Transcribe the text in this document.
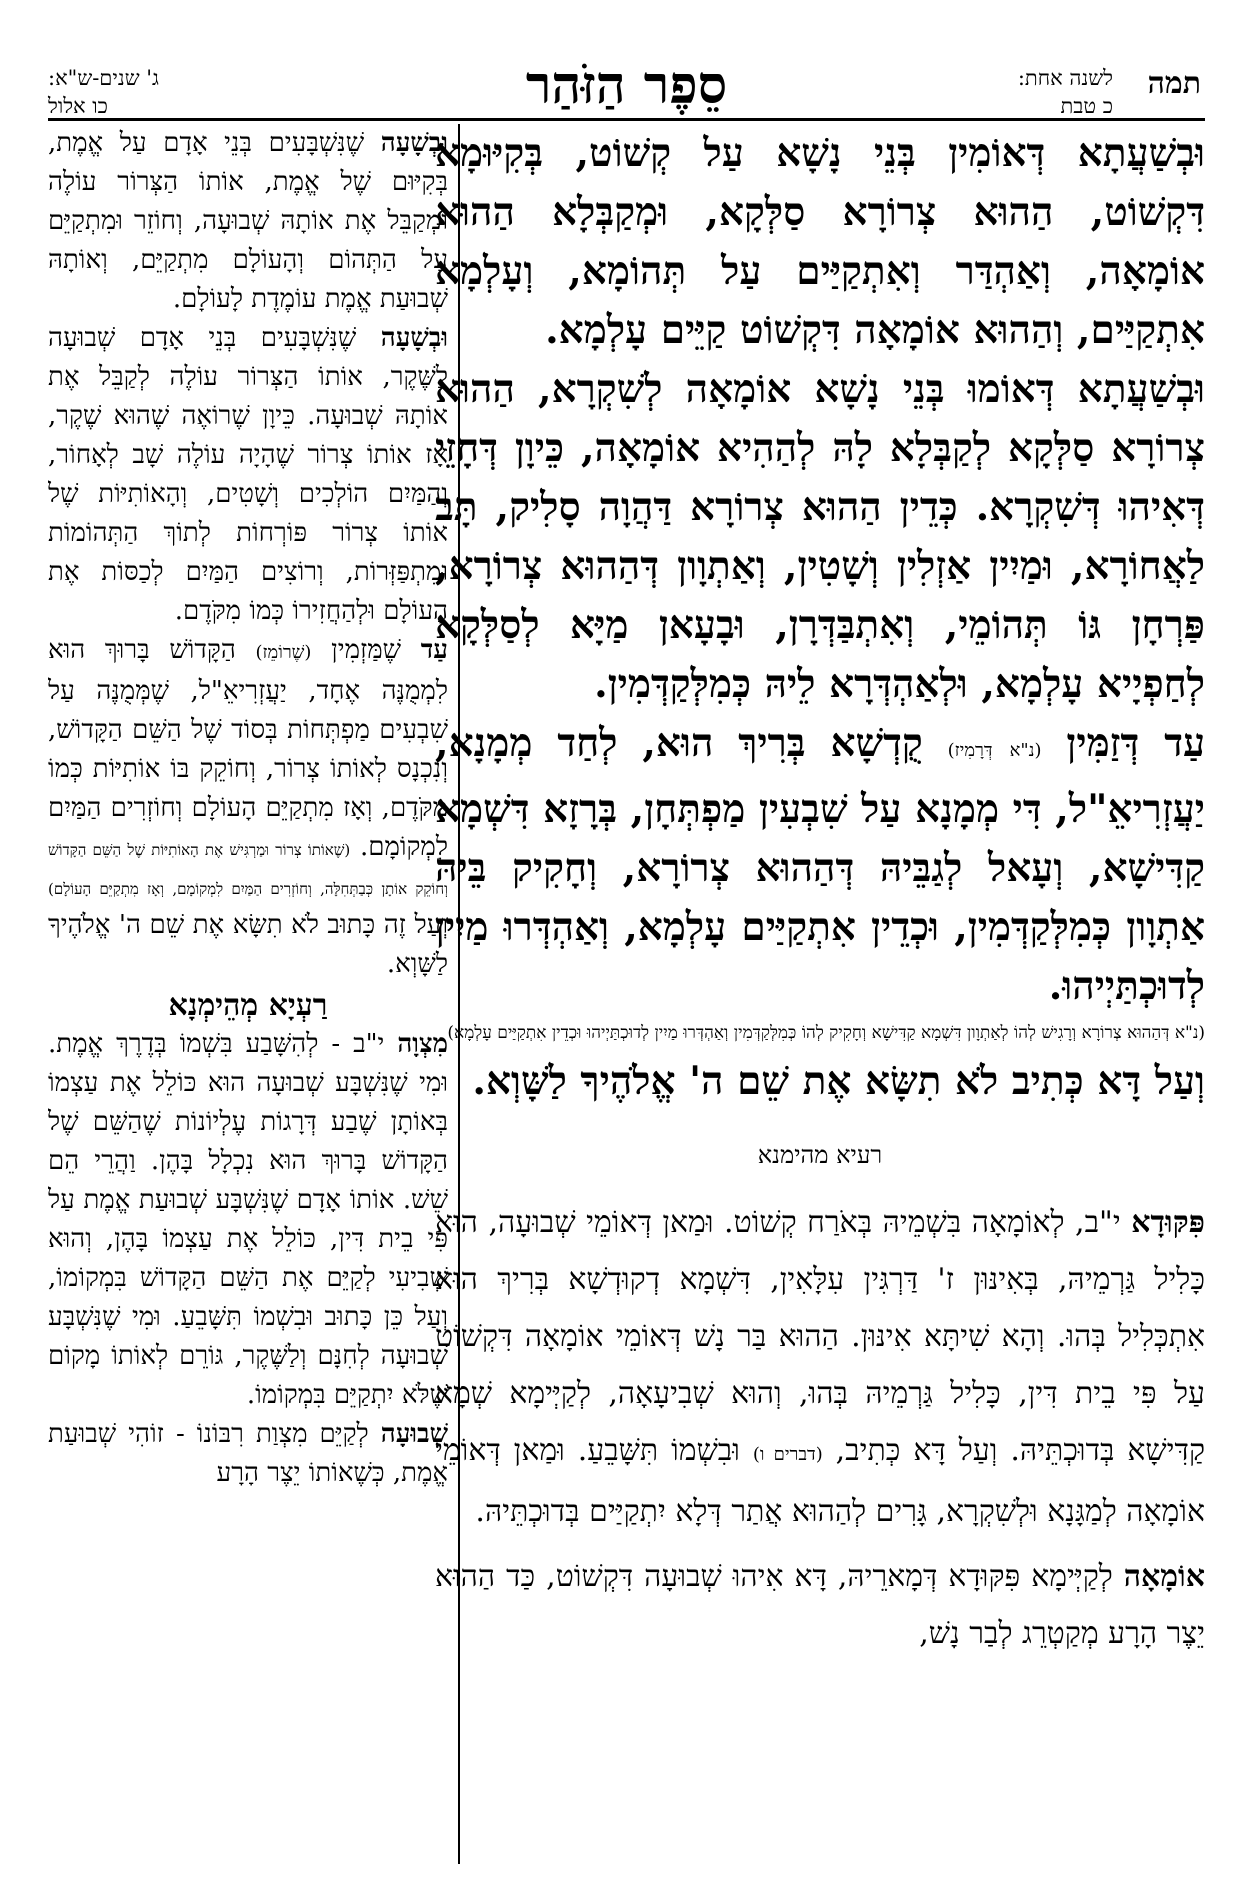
תמה
לשנה אחת:
כ טבת
סֵפֶר הַזֹּהַר
ג' שנים-ש"א:
כו אלול

וּבְשַׁעֲתָא דְּאוֹמִין בְּנֵי נָשָׁא עַל קְשׁוֹט, בְּקִיּוּמָא דִּקְשׁוֹט, הַהוּא צְרוֹרָא סַלְּקָא, וּמְקַבְּלָא הַהוּא אוֹמָאָה, וְאַהְדַּר וְאִתְקַיַּים עַל תְּהוֹמָא, וְעָלְמָא אִתְקַיַּים, וְהַהוּא אוֹמָאָה דִּקְשׁוֹט קַיֵּים עָלְמָא.

וּבְשַׁעֲתָא דְּאוֹמוּ בְּנֵי נָשָׁא אוֹמָאָה לְשִׁקְרָא, הַהוּא צְרוֹרָא סַלְּקָא לְקַבְּלָא לָהּ לְהַהִיא אוֹמָאָה, כֵּיוָן דְּחָזֵי דְּאִיהוּ דְּשִׁקְרָא. כְּדֵין הַהוּא צְרוֹרָא דַּהֲוָה סָלִיק, תָּב לַאֲחוֹרָא, וּמַיִין אַזְלִין וְשָׁטִין, וְאַתְוָון דְּהַהוּא צְרוֹרָא, פַּרְחָן גּוֹ תְּהוֹמֵי, וְאִתְבַּדְּרָן, וּבָעָאן מַיָּא לְסַלְּקָא לְחַפְיָיא עָלְמָא, וּלְאַהְדְּרָא לֵיהּ כְּמִלְּקַדְּמִין.

עַד דְּזַמִּין (נ"א דְּרָמִיז) קֻדְשָׁא בְּרִיךְ הוּא, לְחַד מְמָנָא, יַעֲזְרִיאֵ"ל, דִּי מְמָנָא עַל שִׁבְעִין מַפְתְּחָן, בְּרָזָא דִּשְׁמָא קַדִּישָׁא, וְעָאל לְגַבֵּיהּ דְּהַהוּא צְרוֹרָא, וְחָקִיק בֵּיהּ אַתְוָון כְּמִלְּקַדְּמִין, וּכְדֵין אִתְקַיַּים עָלְמָא, וְאַהְדְּרוּ מַיִין לְדוּכְתַּיְיהוּ.

(נ"א דְּהַהוּא צְרוֹרָא וְרָגִישׁ לְהוֹ לְאַתְוָון דִּשְׁמָא קַדִּישָׁא וְחָקִיק לְהוֹ כְּמִלְּקַדְּמִין וְאַהְדְּרוּ מַיִין לְדוּכְתַּיְיהוּ וּכְדֵין אִתְקַיַּים עָלְמָא)

וְעַל דָּא כְּתִיב לֹא תִשָּׂא אֶת שֵׁם ה' אֱלֹהֶיךָ לַשָּׁוְא.

רעיא מהימנא

פִּקּוּדָא י"ב, לְאוֹמָאָה בִּשְׁמֵיהּ בְּאֹרַח קְשׁוֹט. וּמַאן דְּאוֹמֵי שְׁבוּעָה, הוּא כָּלִיל גַּרְמֵיהּ, בְּאִינּוּן ז' דַּרְגִּין עִלָּאִין, דִּשְׁמָא דְקוּדְשָׁא בְּרִיךְ הוּא אִתְכְּלִיל בְּהוּ. וְהָא שִׁיתָּא אִינּוּן. הַהוּא בַּר נָשׁ דְּאוֹמֵי אוֹמָאָה דִּקְשׁוֹט עַל פִּי בֵית דִּין, כָּלִיל גַּרְמֵיהּ בְּהוּ, וְהוּא שְׁבִיעָאָה, לְקַיְּימָא שְׁמָא קַדִּישָׁא בְּדוּכְתֵּיהּ. וְעַל דָּא כְּתִיב, (דברים ו) וּבִשְׁמוֹ תִּשָּׁבֵעַ. וּמַאן דְּאוֹמֵי אוֹמָאָה לְמַגָּנָא וּלְשִׁקְרָא, גָּרִים לְהַהוּא אֲתַר דְּלָא יִתְקַיַּים בְּדוּכְתֵּיהּ.

אוֹמָאָה לְקַיְּימָא פִּקּוּדָא דְּמָארֵיהּ, דָּא אִיהוּ שְׁבוּעָה דִּקְשׁוֹט, כַּד הַהוּא יֵצֶר הָרָע מְקַטְרֵג לְבַר נָשׁ,

וּבְשָׁעָה שֶׁנִּשְׁבָּעִים בְּנֵי אָדָם עַל אֱמֶת, בְּקִיּוּם שֶׁל אֱמֶת, אוֹתוֹ הַצְּרוֹר עוֹלֶה וּמְקַבֵּל אֶת אוֹתָהּ שְׁבוּעָה, וְחוֹזֵר וּמִתְקַיֵּם עַל הַתְּהוֹם וְהָעוֹלָם מִתְקַיֵּם, וְאוֹתָהּ שְׁבוּעַת אֱמֶת עוֹמֶדֶת לָעוֹלָם.

וּבְשָׁעָה שֶׁנִּשְׁבָּעִים בְּנֵי אָדָם שְׁבוּעָה לַשֶּׁקֶר, אוֹתוֹ הַצְּרוֹר עוֹלֶה לְקַבֵּל אֶת אוֹתָהּ שְׁבוּעָה. כֵּיוָן שֶׁרוֹאֶה שֶׁהוּא שֶׁקֶר, אָז אוֹתוֹ צְרוֹר שֶׁהָיָה עוֹלֶה שָׁב לְאָחוֹר, וְהַמַּיִם הוֹלְכִים וְשָׁטִים, וְהָאוֹתִיּוֹת שֶׁל אוֹתוֹ צְרוֹר פּוֹרְחוֹת לְתוֹךְ הַתְּהוֹמוֹת וּמִתְפַּזְּרוֹת, וְרוֹצִים הַמַּיִם לְכַסּוֹת אֶת הָעוֹלָם וּלְהַחֲזִירוֹ כְּמוֹ מִקֹּדֶם.

עַד שֶׁמַּזְמִין (שֶׁרוֹמֵז) הַקָּדוֹשׁ בָּרוּךְ הוּא לִמְמֻנֶּה אֶחָד, יַעֲזְרִיאֵ"ל, שֶׁמְּמֻנֶּה עַל שִׁבְעִים מַפְתְּחוֹת בְּסוֹד שֶׁל הַשֵּׁם הַקָּדוֹשׁ, וְנִכְנָס לְאוֹתוֹ צְרוֹר, וְחוֹקֵק בּוֹ אוֹתִיּוֹת כְּמוֹ מִקֹּדֶם, וְאָז מִתְקַיֵּם הָעוֹלָם וְחוֹזְרִים הַמַּיִם לִמְקוֹמָם. (שֶׁאוֹתוֹ צְרוֹר וּמַרְגִּישׁ אֶת הָאוֹתִיּוֹת שֶׁל הַשֵּׁם הַקָּדוֹשׁ וְחוֹקֵק אוֹתָן כְּבַתְּחִלָּה, וְחוֹזְרִים הַמַּיִם לִמְקוֹמָם, וְאָז מִתְקַיֵּם הָעוֹלָם) וְעַל זֶה כָּתוּב לֹא תִשָּׂא אֶת שֵׁם ה' אֱלֹהֶיךָ לַשָּׁוְא.

רַעְיָא מְהֵימְנָא

מִצְוָה י"ב - לְהִשָּׁבַע בִּשְׁמוֹ בְּדֶרֶךְ אֱמֶת. וּמִי שֶׁנִּשְׁבָּע שְׁבוּעָה הוּא כּוֹלֵל אֶת עַצְמוֹ בְּאוֹתָן שֶׁבַע דְּרָגוֹת עֶלְיוֹנוֹת שֶׁהַשֵּׁם שֶׁל הַקָּדוֹשׁ בָּרוּךְ הוּא נִכְלָל בָּהֶן. וַהֲרֵי הֵם שֵׁשׁ. אוֹתוֹ אָדָם שֶׁנִּשְׁבָּע שְׁבוּעַת אֱמֶת עַל פִּי בֵית דִּין, כּוֹלֵל אֶת עַצְמוֹ בָּהֶן, וְהוּא שְׁבִיעִי לְקַיֵּם אֶת הַשֵּׁם הַקָּדוֹשׁ בִּמְקוֹמוֹ, וְעַל כֵּן כָּתוּב וּבִשְׁמוֹ תִּשָּׁבֵעַ. וּמִי שֶׁנִּשְׁבָּע שְׁבוּעָה לְחִנָּם וְלַשֶּׁקֶר, גּוֹרֵם לְאוֹתוֹ מָקוֹם שֶׁלֹּא יִתְקַיֵּם בִּמְקוֹמוֹ.

שְׁבוּעָה לְקַיֵּם מִצְוַת רִבּוֹנוֹ - זוֹהִי שְׁבוּעַת אֱמֶת, כְּשֶׁאוֹתוֹ יֵצֶר הָרָע
